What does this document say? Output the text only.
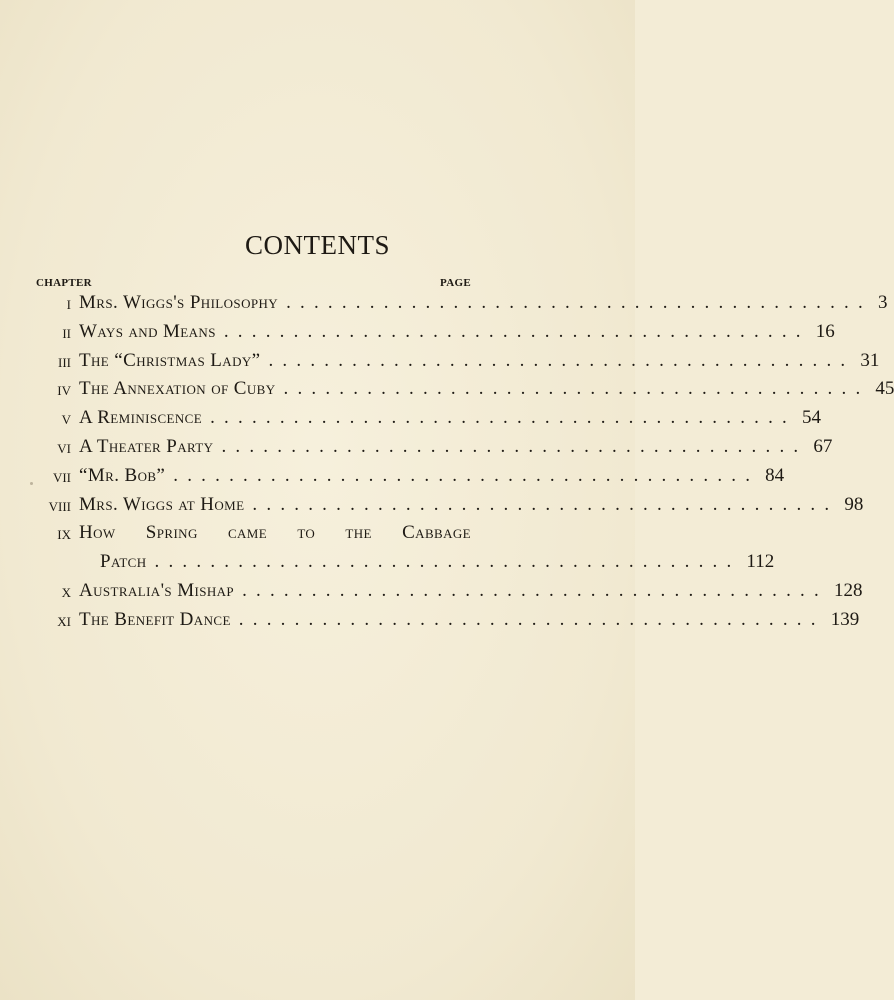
CONTENTS
CHAPTER	PAGE
i Mrs. Wiggs's Philosophy .......................................... 3
ii Ways and Means .......................................... 16
iii The “Christmas Lady” .......................................... 31
iv The Annexation of Cuby .......................................... 45
v A Reminiscence .......................................... 54
vi A Theater Party .......................................... 67
vii “Mr. Bob” .......................................... 84
viii Mrs. Wiggs at Home .......................................... 98
ix How Spring came to the Cabbage
Patch .......................................... 112
x Australia's Mishap .......................................... 128
xi The Benefit Dance .......................................... 139
